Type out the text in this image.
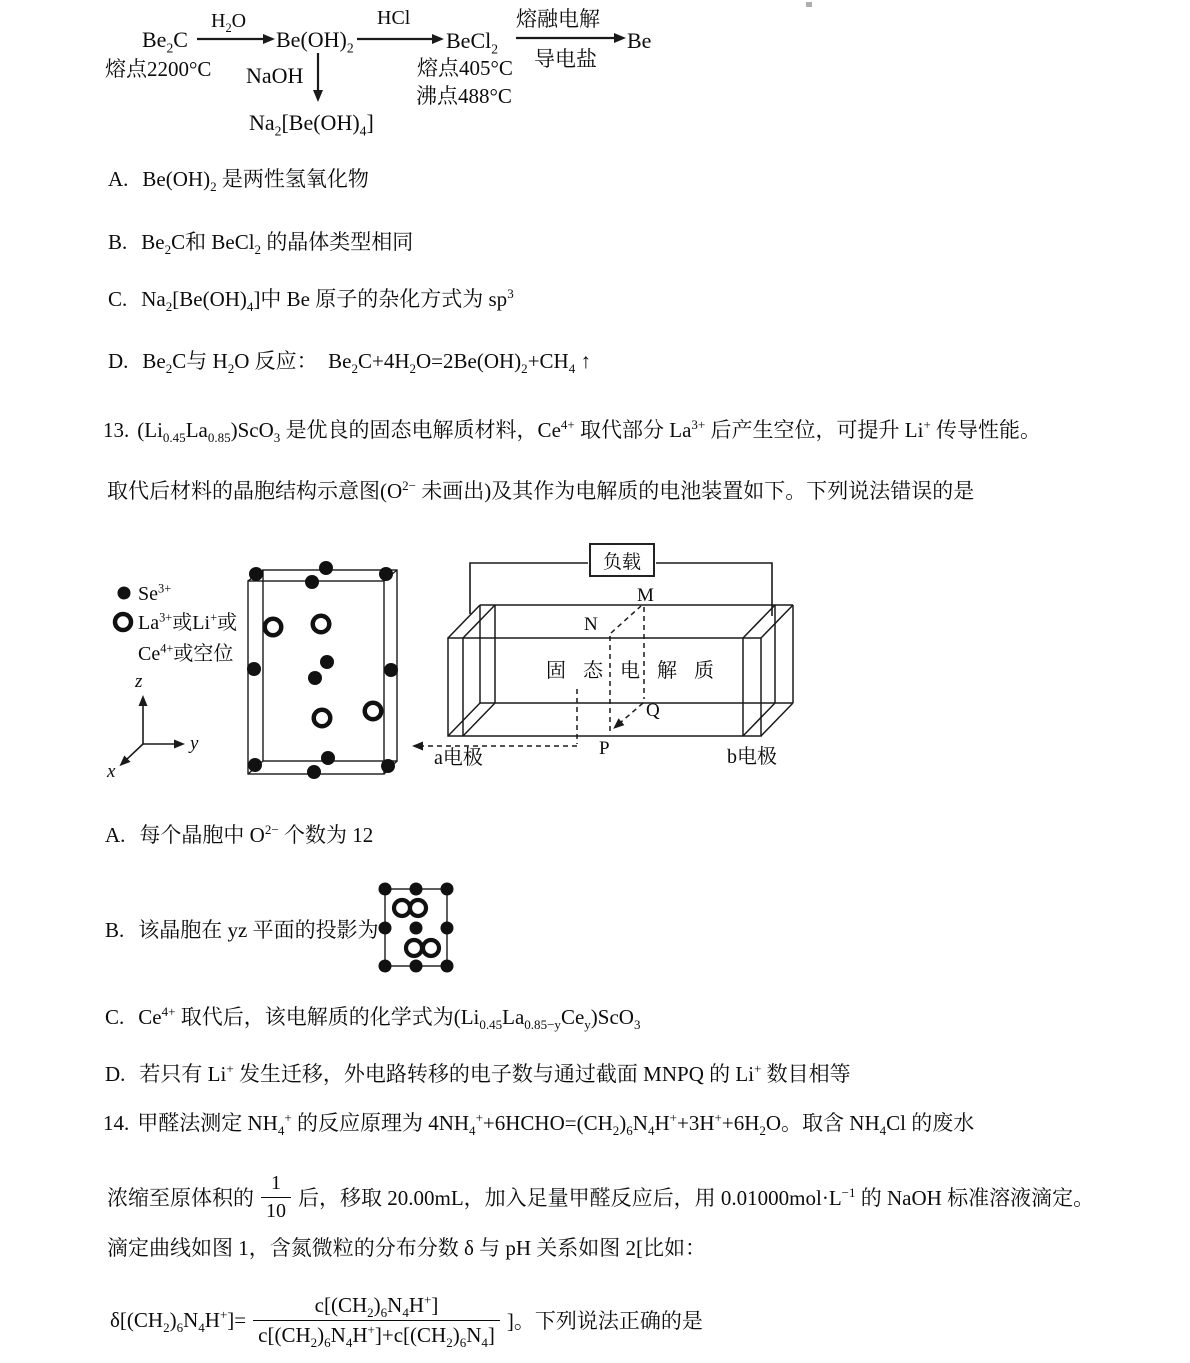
$Be_2C$
$H_2O$
$Be(OH)_2$
HCl
BeCl$_2$
熔融电解
导电盐
Be
熔点2200°C NaOH
$Na_2[Be(OH)_4]$
熔点405°C
沸点488°C
A. $Be(OH)_2$ 是两性氢氧化物
B. $Be_2C$和 BeCl$_2$ 的晶体类型相同
C. $Na_2[Be(OH)_4]$中 Be 原子的杂化方式为 $sp^3$
D. $Be_2C$与 $H_2O$ 反应：  $Be_2C+4H_2O=2Be(OH)_2+CH_4$ ↑
13. $(Li_{0.45}La_{0.85})ScO_3$ 是优良的固态电解质材料，$Ce^{4+}$ 取代部分 $La^{3+}$ 后产生空位，可提升 Li+ 传导性能。
取代后材料的晶胞结构示意图($O^{2-}$ 未画出)及其作为电解质的电池装置如下。下列说法错误的是
$Se^{3+}$
$La^{3+}$或Li+或
$Ce^{4+}$或空位
z
y
x
负载
固 态 电 解 质
M
N
Q
P
a电极	b电极
A. 每个晶胞中 $O^{2-}$ 个数为 12
B. 该晶胞在 yz 平面的投影为
C. $Ce^{4+}$ 取代后，该电解质的化学式为$(Li_{0.45}La_{0.85-y}Ce_y)ScO_3$
D. 若只有 Li+ 发生迁移，外电路转移的电子数与通过截面 MNPQ 的 Li+ 数目相等
14. 甲醛法测定 $NH_4^+$ 的反应原理为 $4NH_4^++6HCHO=(CH_2)_6N_4H^++3H^++6H_2O$。取含 $NH_4Cl$ 的废水
浓缩至原体积的 $\frac{1}{10}$ 后，移取 20.00mL，加入足量甲醛反应后，用 $0.01000mol\cdot L^{-1}$ 的 NaOH 标准溶液滴定。
滴定曲线如图 1，含氮微粒的分布分数 δ 与 pH 关系如图 2[比如：
$\delta[(CH_2)_6N_4H^+]= \frac{c[(CH_2)_6N_4H^+]}{c[(CH_2)_6N_4H^+]+c[(CH_2)_6N_4]}$ ]。下列说法正确的是
